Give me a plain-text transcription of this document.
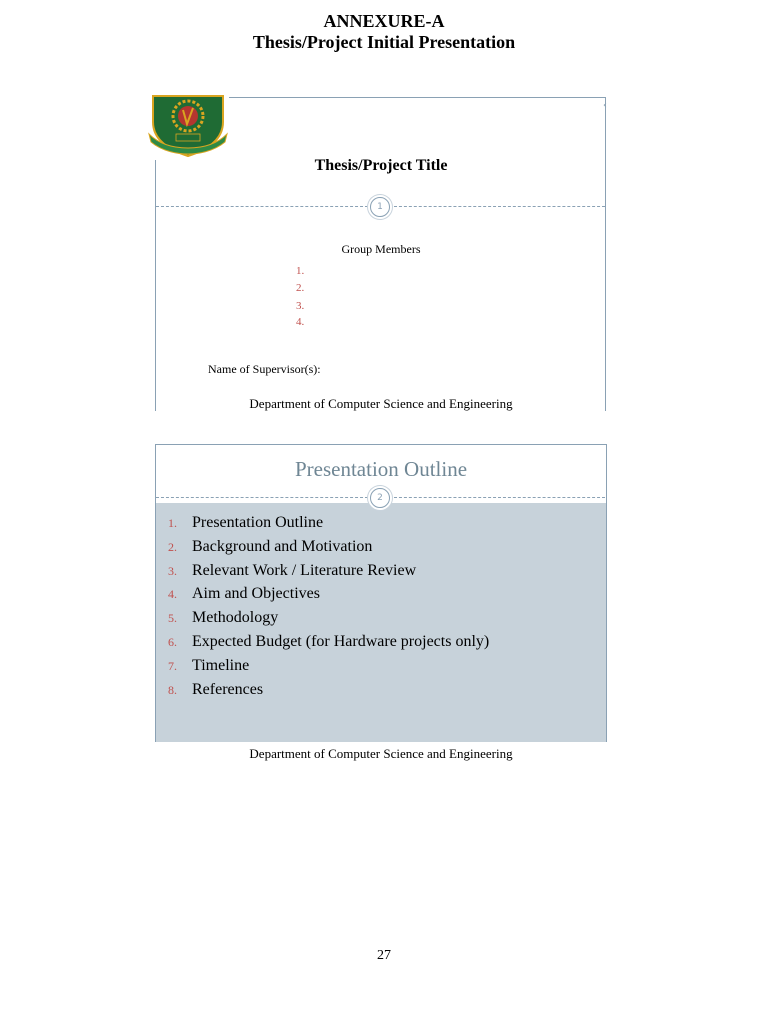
ANNEXURE-A
Thesis/Project Initial Presentation
‹
Thesis/Project Title
1
Group Members
1.
2.
3.
4.
Name of Supervisor(s):
Department of Computer Science and Engineering
Presentation Outline
2
1. Presentation Outline
2. Background and Motivation
3. Relevant Work / Literature Review
4. Aim and Objectives
5. Methodology
6. Expected Budget (for Hardware projects only)
7. Timeline
8. References
Department of Computer Science and Engineering
27
